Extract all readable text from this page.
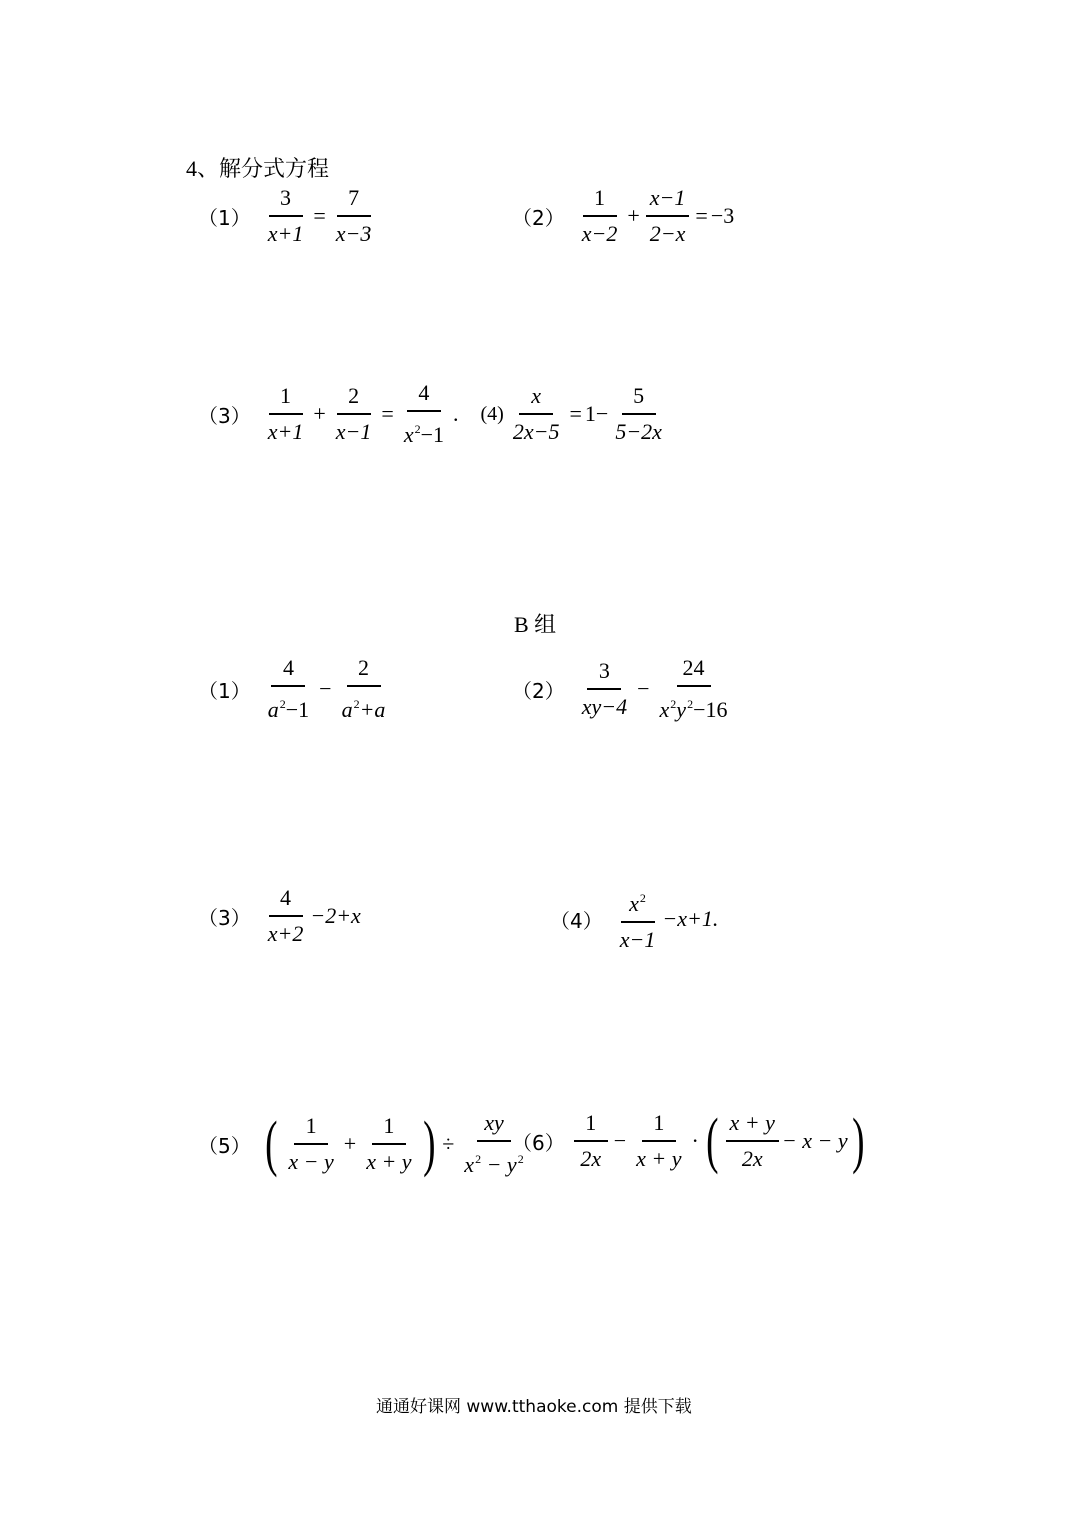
4、解分式方程
$(1) \frac{3}{x+1} = \frac{7}{x-3}$	$(2) \frac{1}{x-2} + \frac{x-1}{2-x} = -3$
$(3) \frac{1}{x+1} + \frac{2}{x-1} = \frac{4}{x^2-1}$ . $(4) \frac{x}{2x-5} = 1- \frac{5}{5-2x}$
B 组
$(1) \frac{4}{a^2-1} - \frac{2}{a^2+a}$	$(2) \frac{3}{xy-4} - \frac{24}{x^2y^2-16}$
$(3) \frac{4}{x+2} -2+x$	$(4) \frac{x^2}{x-1} -x+1$.
（5） ( $\frac{1}{x - y} + \frac{1}{x + y}$ ) ÷ $\frac{xy}{x^2 - y^2}$
$(6) \frac{1}{2x} - \frac{1}{x + y}$ · ( $\frac{x + y}{2x} - x - y$ )
通通好课网 www.tthaoke.com 提供下载
